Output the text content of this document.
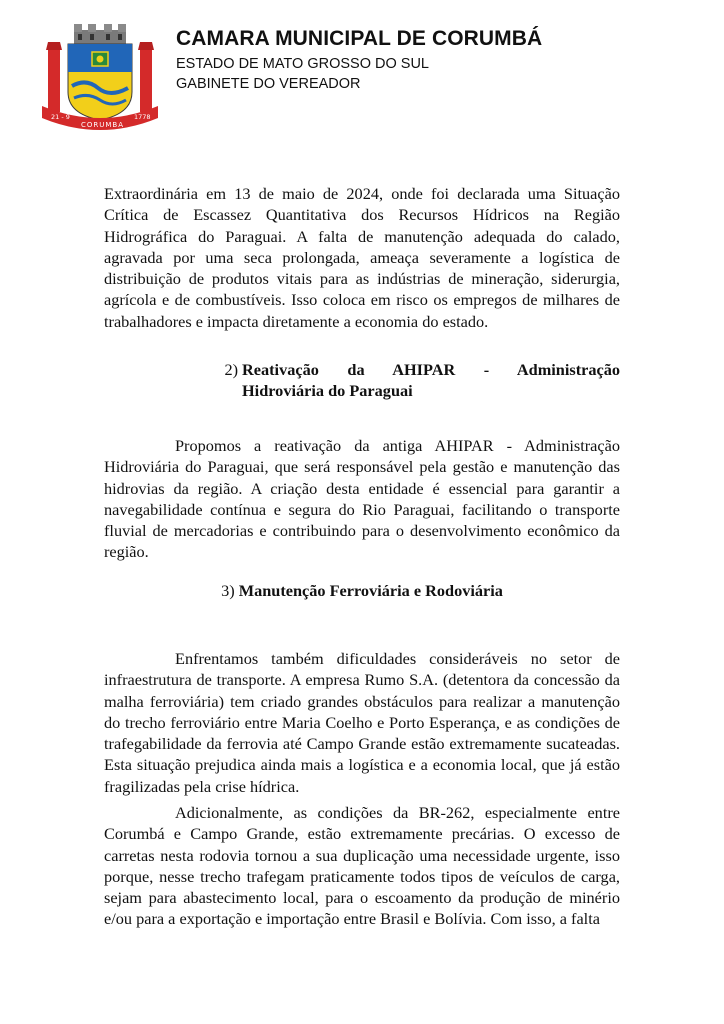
21 - 9
CORUMBA
1778
CAMARA MUNICIPAL DE CORUMBÁ
ESTADO DE MATO GROSSO DO SUL
GABINETE DO VEREADOR

Extraordinária em 13 de maio de 2024, onde foi declarada uma Situação Crítica de Escassez Quantitativa dos Recursos Hídricos na Região Hidrográfica do Paraguai. A falta de manutenção adequada do calado, agravada por uma seca prolongada, ameaça severamente a logística de distribuição de produtos vitais para as indústrias de mineração, siderurgia, agrícola e de combustíveis. Isso coloca em risco os empregos de milhares de trabalhadores e impacta diretamente a economia do estado.

2) Reativação da AHIPAR - Administração
Hidroviária do Paraguai

Propomos a reativação da antiga AHIPAR - Administração Hidroviária do Paraguai, que será responsável pela gestão e manutenção das hidrovias da região. A criação desta entidade é essencial para garantir a navegabilidade contínua e segura do Rio Paraguai, facilitando o transporte fluvial de mercadorias e contribuindo para o desenvolvimento econômico da região.

3) Manutenção Ferroviária e Rodoviária

Enfrentamos também dificuldades consideráveis no setor de infraestrutura de transporte. A empresa Rumo S.A. (detentora da concessão da malha ferroviária) tem criado grandes obstáculos para realizar a manutenção do trecho ferroviário entre Maria Coelho e Porto Esperança, e as condições de trafegabilidade da ferrovia até Campo Grande estão extremamente sucateadas. Esta situação prejudica ainda mais a logística e a economia local, que já estão fragilizadas pela crise hídrica.

Adicionalmente, as condições da BR-262, especialmente entre Corumbá e Campo Grande, estão extremamente precárias. O excesso de carretas nesta rodovia tornou a sua duplicação uma necessidade urgente, isso porque, nesse trecho trafegam praticamente todos tipos de veículos de carga, sejam para abastecimento local, para o escoamento da produção de minério e/ou para a exportação e importação entre Brasil e Bolívia. Com isso, a falta
